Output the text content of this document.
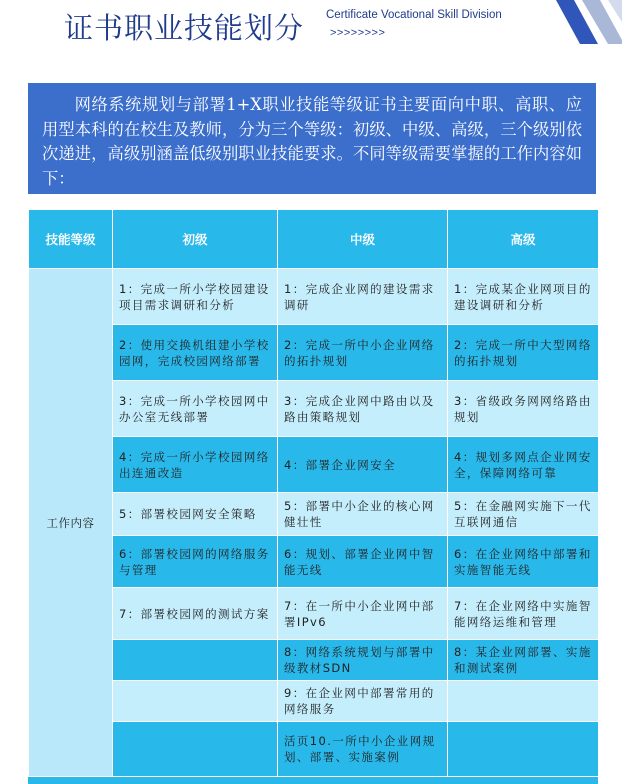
证书职业技能划分 Certificate Vocational Skill Division
>>>>>>>>
网络系统规划与部署1+X职业技能等级证书主要面向中职、高职、应用型本科的在校生及教师，分为三个等级：初级、中级、高级，三个级别依次递进，高级别涵盖低级别职业技能要求。不同等级需要掌握的工作内容如下：
技能等级	初级	中级	高级
工作内容	1：完成一所小学校园建设项目需求调研和分析	1：完成企业网的建设需求调研	1：完成某企业网项目的建设调研和分析
	2：使用交换机组建小学校园网，完成校园网络部署	2：完成一所中小企业网络的拓扑规划	2：完成一所中大型网络的拓扑规划
	3：完成一所小学校园网中办公室无线部署	3：完成企业网中路由以及路由策略规划	3：省级政务网网络路由规划
	4：完成一所小学校园网络出连通改造	4：部署企业网安全	4：规划多网点企业网安全，保障网络可靠
	5：部署校园网安全策略	5：部署中小企业的核心网健壮性	5：在金融网实施下一代互联网通信
	6：部署校园网的网络服务与管理	6：规划、部署企业网中智能无线	6：在企业网络中部署和实施智能无线
	7：部署校园网的测试方案	7：在一所中小企业网中部署IPv6	7：在企业网络中实施智能网络运维和管理
		8：网络系统规划与部署中级教材SDN	8：某企业网部署、实施和测试案例
		9：在企业网中部署常用的网络服务	
		活页10.一所中小企业网规划、部署、实施案例	
